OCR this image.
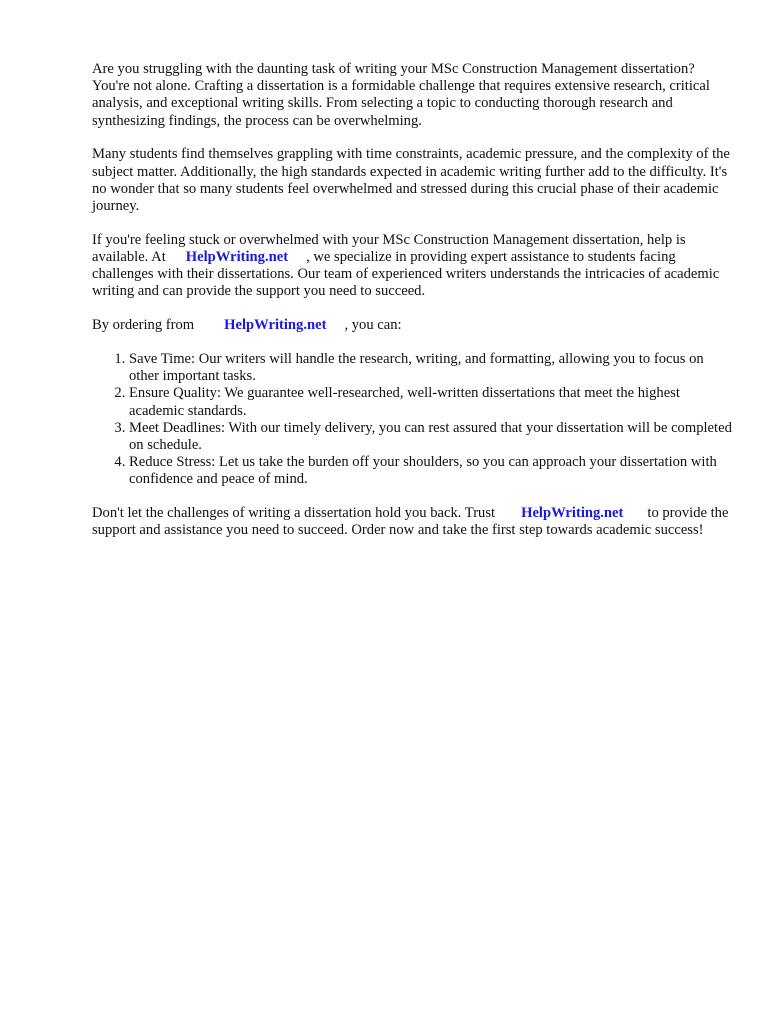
Are you struggling with the daunting task of writing your MSc Construction Management dissertation? You're not alone. Crafting a dissertation is a formidable challenge that requires extensive research, critical analysis, and exceptional writing skills. From selecting a topic to conducting thorough research and synthesizing findings, the process can be overwhelming.

Many students find themselves grappling with time constraints, academic pressure, and the complexity of the subject matter. Additionally, the high standards expected in academic writing further add to the difficulty. It's no wonder that so many students feel overwhelmed and stressed during this crucial phase of their academic journey.

If you're feeling stuck or overwhelmed with your MSc Construction Management dissertation, help is available. At HelpWriting.net , we specialize in providing expert assistance to students facing challenges with their dissertations. Our team of experienced writers understands the intricacies of academic writing and can provide the support you need to succeed.

By ordering from HelpWriting.net , you can:

1. Save Time: Our writers will handle the research, writing, and formatting, allowing you to focus on other important tasks.
2. Ensure Quality: We guarantee well-researched, well-written dissertations that meet the highest academic standards.
3. Meet Deadlines: With our timely delivery, you can rest assured that your dissertation will be completed on schedule.
4. Reduce Stress: Let us take the burden off your shoulders, so you can approach your dissertation with confidence and peace of mind.

Don't let the challenges of writing a dissertation hold you back. Trust HelpWriting.net to provide the support and assistance you need to succeed. Order now and take the first step towards academic success!
